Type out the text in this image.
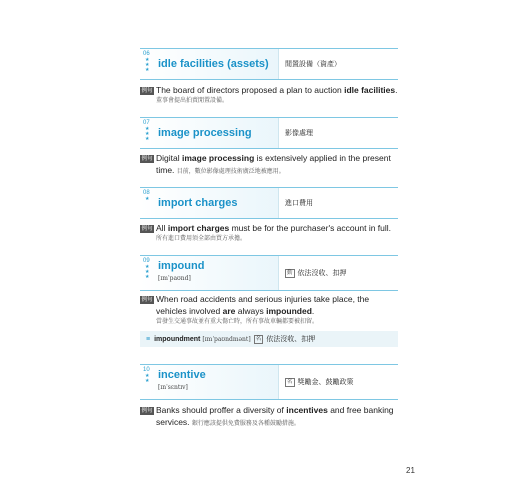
06
★ ★ ★ idle facilities (assets) 閒置設備（資產）
例句 The board of directors proposed a plan to auction idle facilities.
董事會提出拍賣閒置設備。
07
★ ★ ★ image processing	影像處理
例句 Digital image processing is extensively applied in the present
time. 目前，數位影像處理技術廣泛地被應用。
08
★ import charges	進口費用
例句 All import charges must be for the purchaser's account in full.
所有進口費用須全部由買方承擔。
09
★ ★ ★
impound
[ɪmˈpaʊnd]
動 依法沒收、扣押
例句 When road accidents and serious injuries take place, the
vehicles involved are always impounded.
當發生交通事故並有重大傷亡時，所有事故車輛都要被扣留。
≡ impoundment [ɪmˈpaʊndmənt] 名 依法沒收、扣押
10
★ ★ incentive
[ɪnˈsɛntɪv]
名 獎勵金、鼓勵政策
例句 Banks should proffer a diversity of incentives and free banking
services. 銀行應該提供免費服務及各種鼓勵措施。
21
